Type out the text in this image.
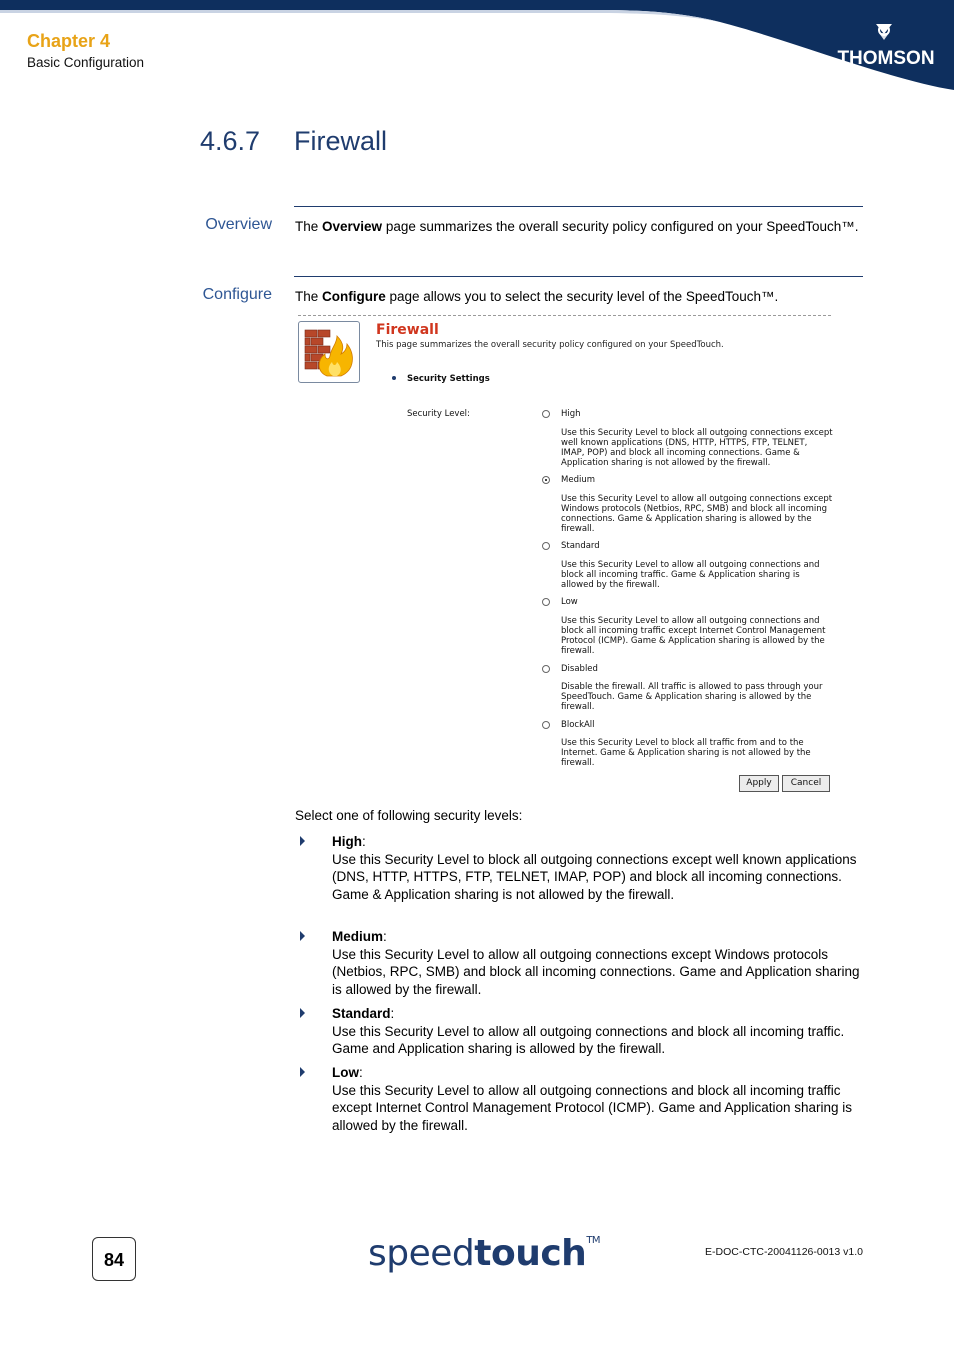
Chapter 4
Basic Configuration	THOMSON
4.6.7 Firewall
Overview The Overview page summarizes the overall security policy configured on your SpeedTouch™.
Configure The Configure page allows you to select the security level of the SpeedTouch™.
Firewall
This page summarizes the overall security policy configured on your SpeedTouch.
Security Settings
Security Level:	High
Use this Security Level to block all outgoing connections except well known applications (DNS, HTTP, HTTPS, FTP, TELNET, IMAP, POP) and block all incoming connections. Game & Application sharing is not allowed by the firewall.
Medium
Use this Security Level to allow all outgoing connections except Windows protocols (Netbios, RPC, SMB) and block all incoming connections. Game & Application sharing is allowed by the firewall.
Standard
Use this Security Level to allow all outgoing connections and block all incoming traffic. Game & Application sharing is allowed by the firewall.
Low
Use this Security Level to allow all outgoing connections and block all incoming traffic except Internet Control Management Protocol (ICMP). Game & Application sharing is allowed by the firewall.
Disabled
Disable the firewall. All traffic is allowed to pass through your SpeedTouch. Game & Application sharing is allowed by the firewall.
BlockAll
Use this Security Level to block all traffic from and to the Internet. Game & Application sharing is not allowed by the firewall.
Apply	Cancel
Select one of following security levels:
High:
Use this Security Level to block all outgoing connections except well known applications (DNS, HTTP, HTTPS, FTP, TELNET, IMAP, POP) and block all incoming connections. Game & Application sharing is not allowed by the firewall.
Medium:
Use this Security Level to allow all outgoing connections except Windows protocols (Netbios, RPC, SMB) and block all incoming connections. Game and Application sharing is allowed by the firewall.
Standard:
Use this Security Level to allow all outgoing connections and block all incoming traffic. Game and Application sharing is allowed by the firewall.
Low:
Use this Security Level to allow all outgoing connections and block all incoming traffic except Internet Control Management Protocol (ICMP). Game and Application sharing is allowed by the firewall.
84	speedtouch™
E-DOC-CTC-20041126-0013 v1.0
